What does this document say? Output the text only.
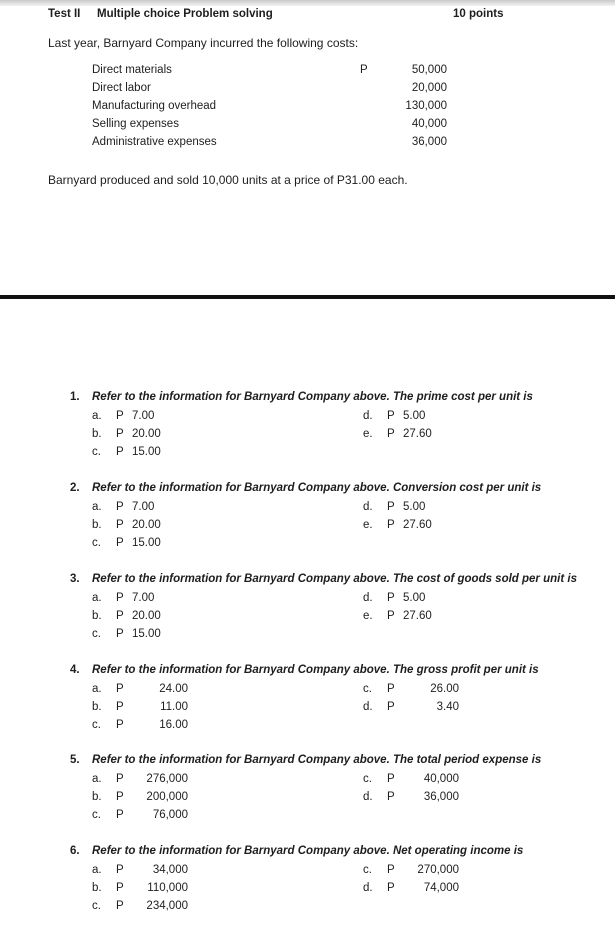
Test II Multiple choice Problem solving	10 points
Last year, Barnyard Company incurred the following costs:
Direct materials	P	50,000
Direct labor	20,000
Manufacturing overhead	130,000
Selling expenses	40,000
Administrative expenses	36,000
Barnyard produced and sold 10,000 units at a price of P31.00 each.
1. Refer to the information for Barnyard Company above. The prime cost per unit is
a. P 7.00
b. P 20.00
c. P 15.00
d. P 5.00
e. P 27.60
2. Refer to the information for Barnyard Company above. Conversion cost per unit is
a. P 7.00
b. P 20.00
c. P 15.00
d. P 5.00
e. P 27.60
3. Refer to the information for Barnyard Company above. The cost of goods sold per unit is
a. P 7.00
b. P 20.00
c. P 15.00
d. P 5.00
e. P 27.60
4. Refer to the information for Barnyard Company above. The gross profit per unit is
a. P	24.00
b. P	11.00
c. P	16.00
c. P	26.00
d. P	3.40
5. Refer to the information for Barnyard Company above. The total period expense is
a. P 276,000
b. P 200,000
c. P	76,000
c. P	40,000
d. P	36,000
6. Refer to the information for Barnyard Company above. Net operating income is
a. P	34,000
b. P 110,000
c. P 234,000
c. P 270,000
d. P	74,000
